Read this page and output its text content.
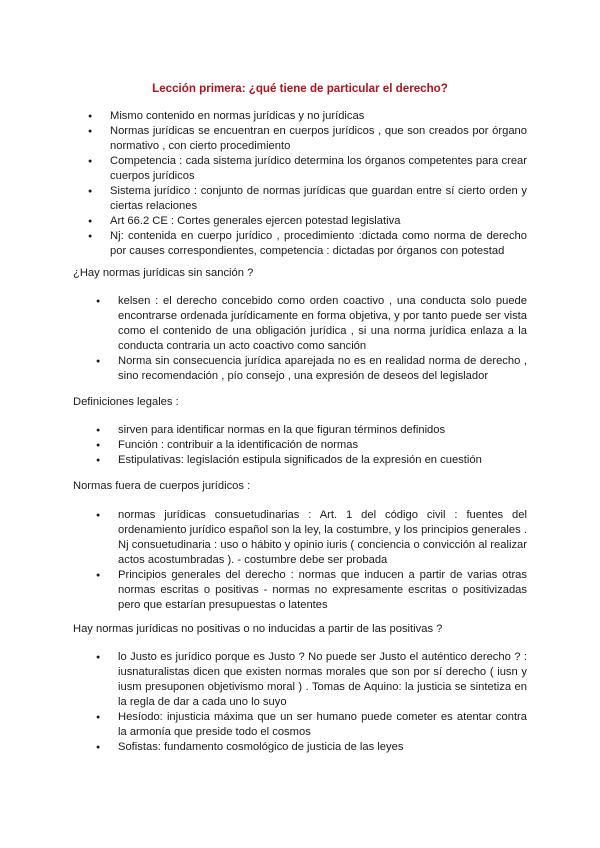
Lección primera: ¿qué tiene de particular el derecho?
● Mismo contenido en normas jurídicas y no jurídicas
● Normas jurídicas se encuentran en cuerpos jurídicos , que son creados por órgano normativo , con cierto procedimiento
● Competencia : cada sistema jurídico determina los órganos competentes para crear cuerpos jurídicos
● Sistema jurídico : conjunto de normas jurídicas que guardan entre sí cierto orden y ciertas relaciones
● Art 66.2 CE : Cortes generales ejercen potestad legislativa
● Nj: contenida en cuerpo jurídico , procedimiento :dictada como norma de derecho por causes correspondientes, competencia : dictadas por órganos con potestad
¿Hay normas jurídicas sin sanción ?
● kelsen : el derecho concebido como orden coactivo , una conducta solo puede encontrarse ordenada jurídicamente en forma objetiva, y por tanto puede ser vista como el contenido de una obligación jurídica , si una norma jurídica enlaza a la conducta contraria un acto coactivo como sanción
● Norma sin consecuencia jurídica aparejada no es en realidad norma de derecho , sino recomendación , pío consejo , una expresión de deseos del legislador
Definiciones legales :
● sirven para identificar normas en la que figuran términos definidos
● Función : contribuir a la identificación de normas
● Estipulativas: legislación estipula significados de la expresión en cuestión
Normas fuera de cuerpos jurídicos :
● normas jurídicas consuetudinarias : Art. 1 del código civil : fuentes del ordenamiento jurídico español son la ley, la costumbre, y los principios generales . Nj consuetudinaria : uso o hábito y opinio iuris ( conciencia o convicción al realizar actos acostumbradas ). - costumbre debe ser probada
● Principios generales del derecho : normas que inducen a partir de varias otras normas escritas o positivas - normas no expresamente escritas o positivizadas pero que estarían presupuestas o latentes
Hay normas jurídicas no positivas o no inducidas a partir de las positivas ?
● lo Justo es jurídico porque es Justo ? No puede ser Justo el auténtico derecho ? : iusnaturalistas dicen que existen normas morales que son por sí derecho ( iusn y iusm presuponen objetivismo moral ) . Tomas de Aquino: la justicia se sintetiza en la regla de dar a cada uno lo suyo
● Hesíodo: injusticia máxima que un ser humano puede cometer es atentar contra la armonía que preside todo el cosmos
● Sofistas: fundamento cosmológico de justicia de las leyes
